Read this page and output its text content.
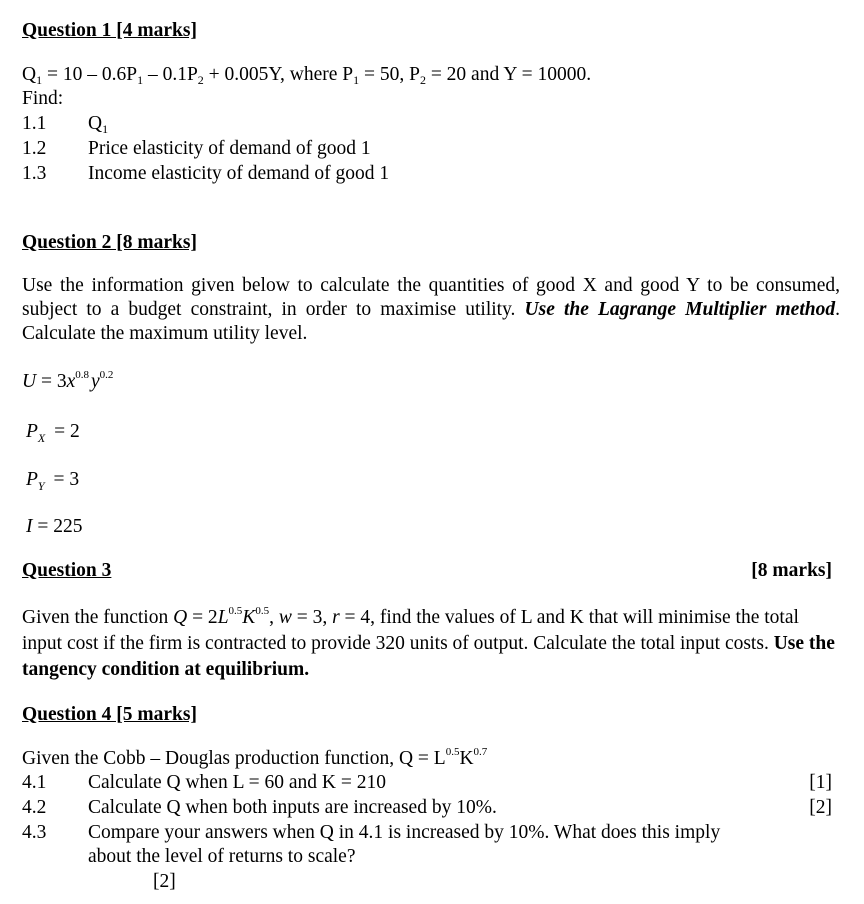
Question 1 [4 marks]
$Q_1 = 10 - 0.6P_1 - 0.1P_2 + 0.005Y$, where $P_1 = 50$, $P_2 = 20$ and Y = 10000.
Find:
1.1 $Q_1$
1.2 Price elasticity of demand of good 1
1.3 Income elasticity of demand of good 1
Question 2 [8 marks]
Use the information given below to calculate the quantities of good X and good Y to be consumed, subject to a budget constraint, in order to maximise utility. Use the Lagrange Multiplier method. Calculate the maximum utility level.
$U = 3x^{0.8}$ $y^{0.2}$
$P_X = 2$
$P_Y = 3$
I = 225
Question 3	[8 marks]
Given the function $Q = 2L^{0.5}K^{0.5}$, w = 3, r = 4, find the values of L and K that will minimise the total input cost if the firm is contracted to provide 320 units of output. Calculate the total input costs. Use the tangency condition at equilibrium.
Question 4 [5 marks]
Given the Cobb – Douglas production function, $Q = L^{0.5}K^{0.7}$
4.1 Calculate Q when L = 60 and K = 210	[1]
4.2 Calculate Q when both inputs are increased by 10%.	[2]
4.3 Compare your answers when Q in 4.1 is increased by 10%. What does this imply
about the level of returns to scale?
[2]
